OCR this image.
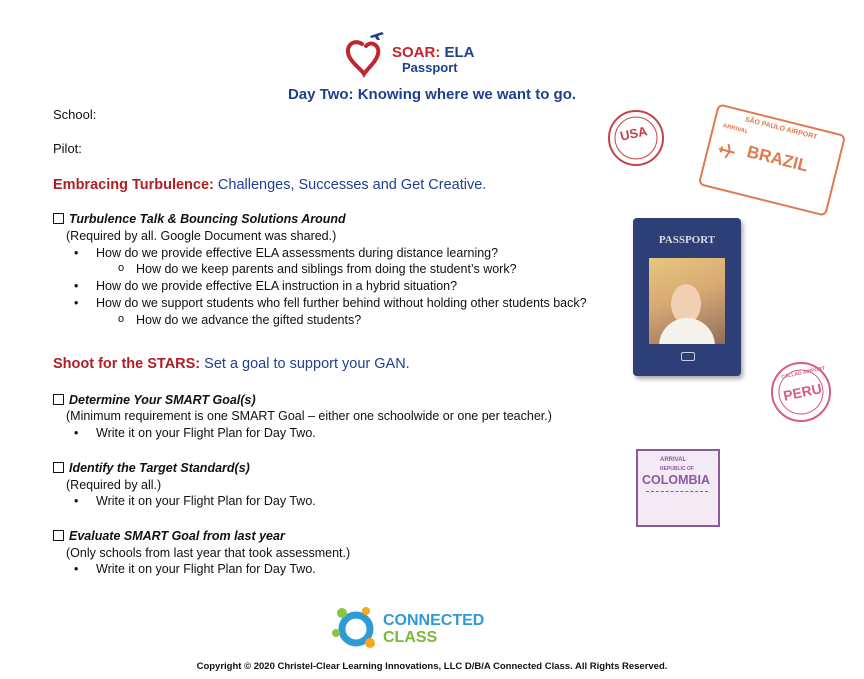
SOAR: ELA
Passport
Day Two: Knowing where we want to go.
School:
Pilot:
Embracing Turbulence: Challenges, Successes and Get Creative.
Turbulence Talk & Bouncing Solutions Around
(Required by all. Google Document was shared.)
• How do we provide effective ELA assessments during distance learning?
o How do we keep parents and siblings from doing the student’s work?
• How do we provide effective ELA instruction in a hybrid situation?
• How do we support students who fell further behind without holding other students back?
o How do we advance the gifted students?
Shoot for the STARS: Set a goal to support your GAN.
Determine Your SMART Goal(s)
(Minimum requirement is one SMART Goal – either one schoolwide or one per teacher.)
• Write it on your Flight Plan for Day Two.
Identify the Target Standard(s)
(Required by all.)
• Write it on your Flight Plan for Day Two.
Evaluate SMART Goal from last year
(Only schools from last year that took assessment.)
• Write it on your Flight Plan for Day Two.
USA	SÃO PAULO AIRPORT
ARRIVAL
BRAZIL
PASSPORT
CALLAO AIRPORT
PERU
ARRIVAL
REPUBLIC OF
COLOMBIA
CONNECTED
CLASS
Copyright © 2020 Christel-Clear Learning Innovations, LLC D/B/A Connected Class. All Rights Reserved.
